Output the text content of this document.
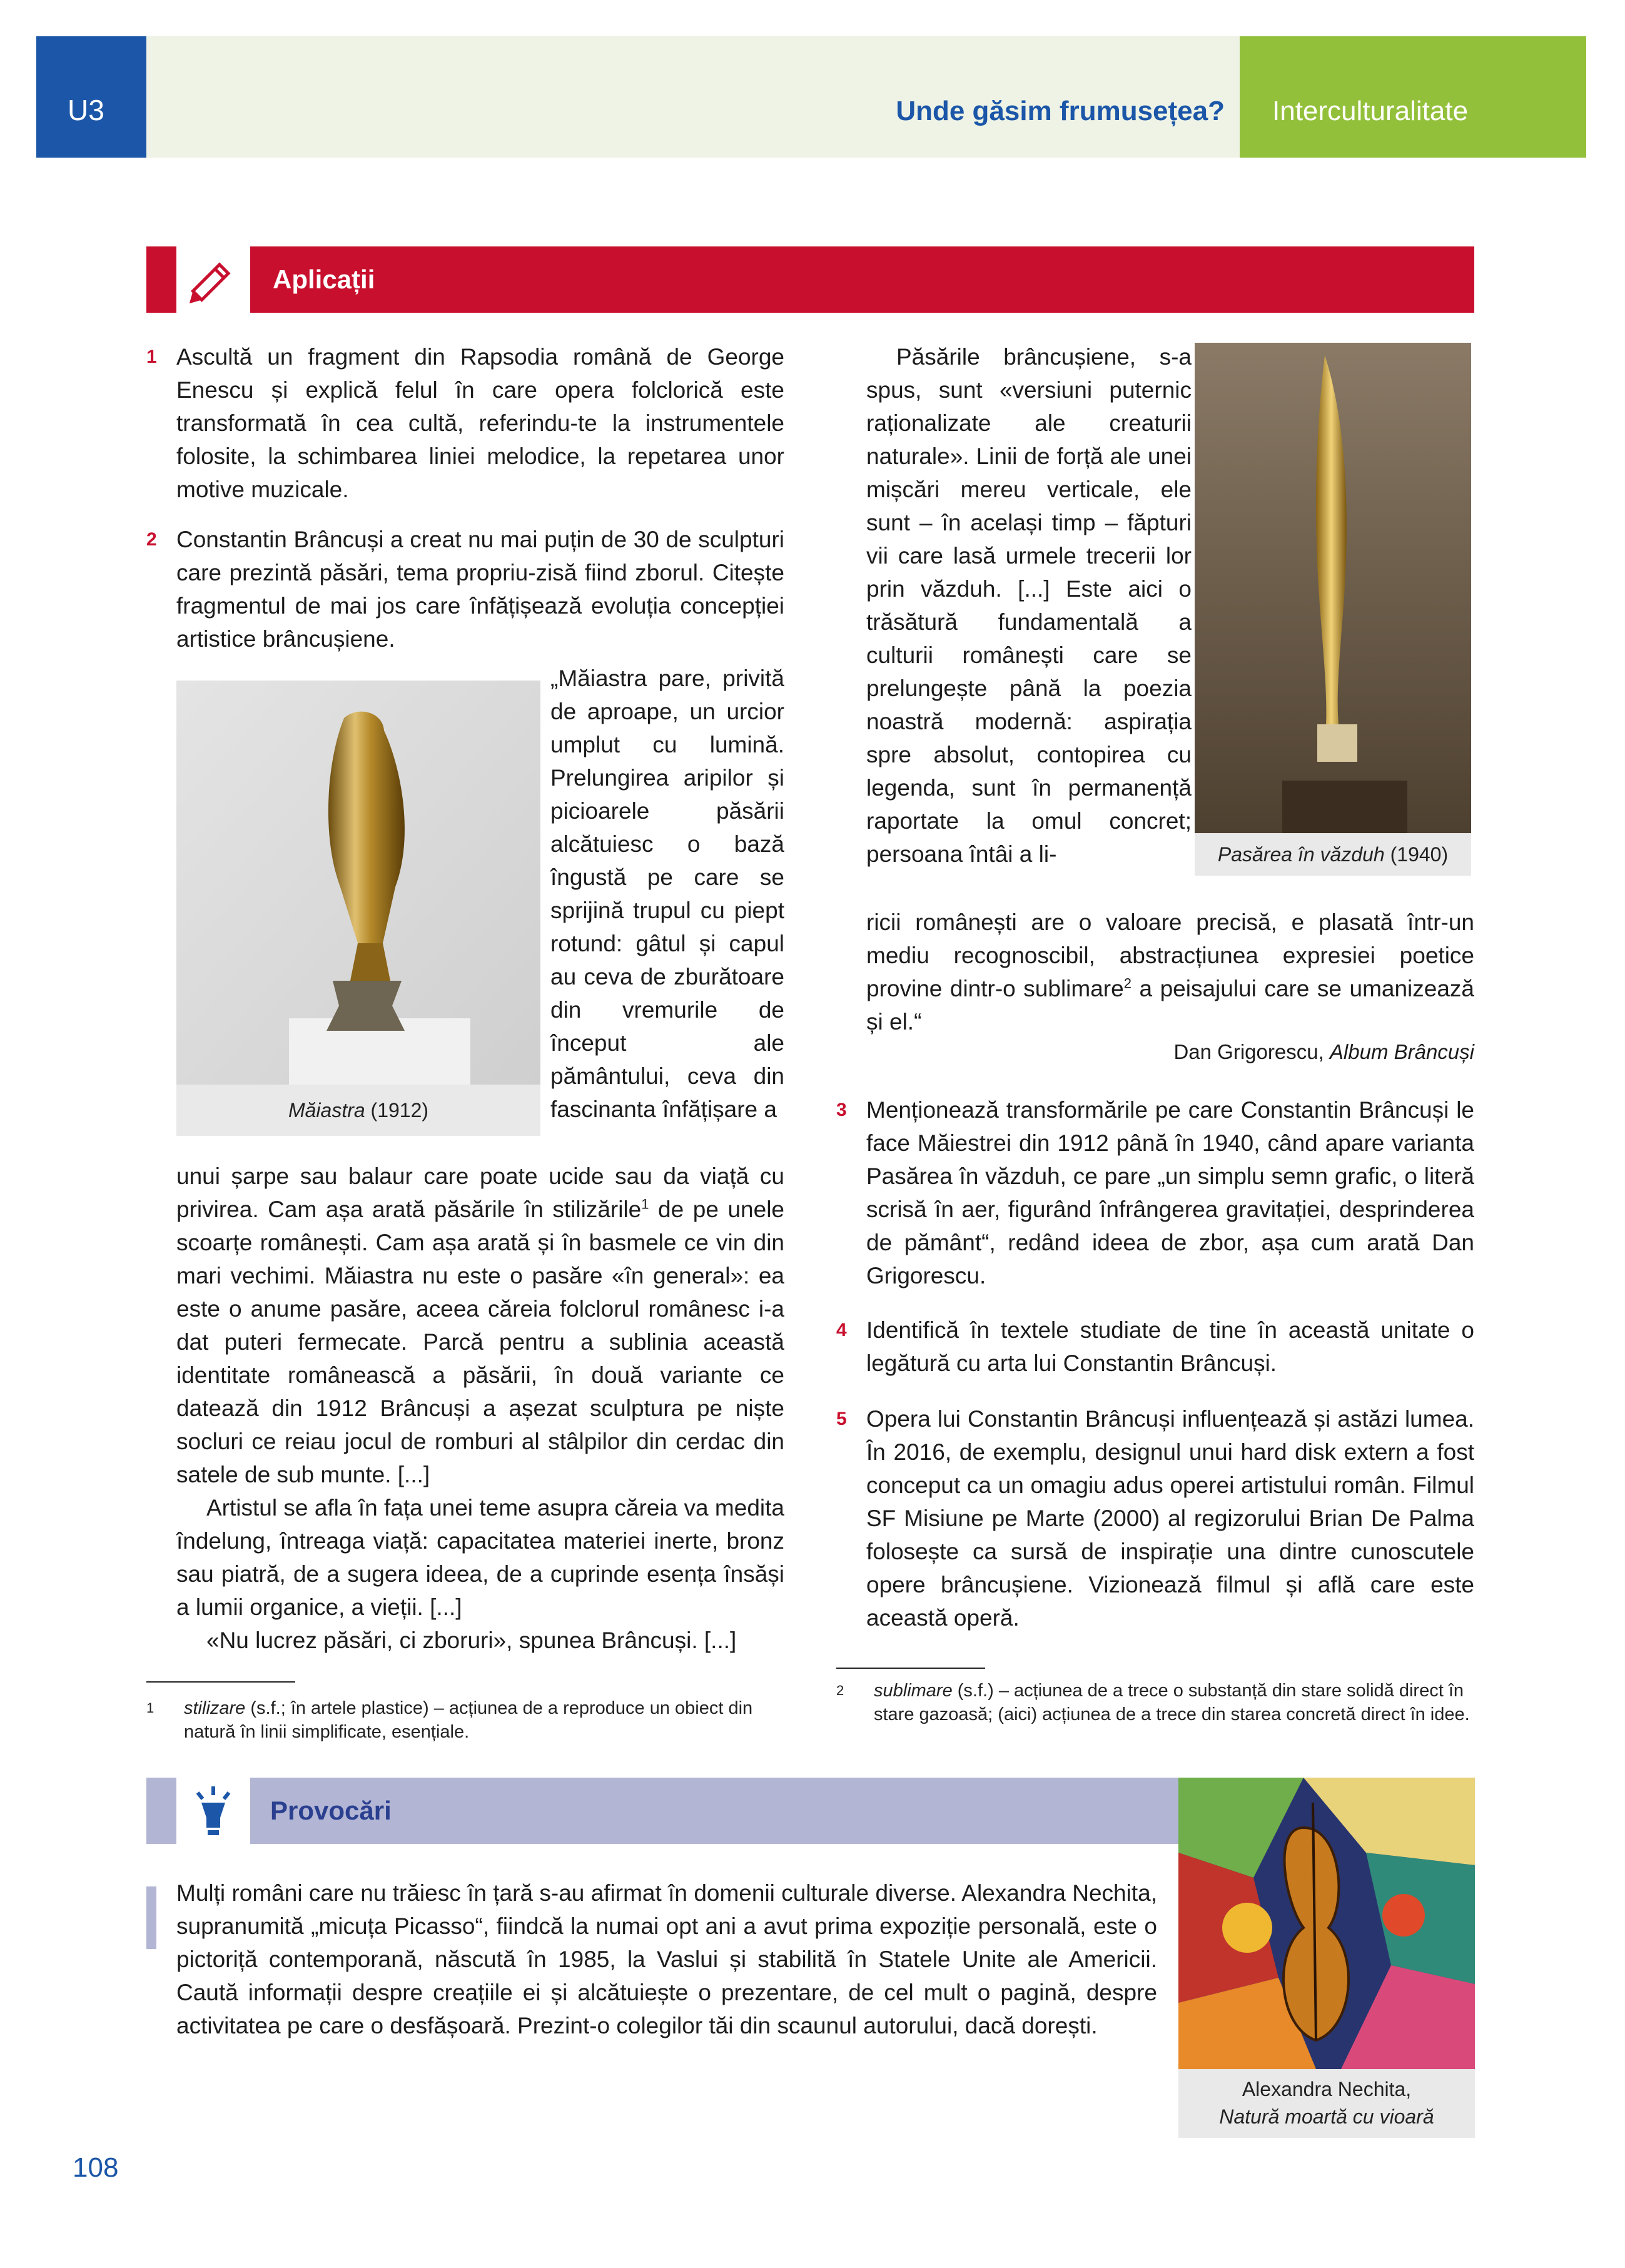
U3	Unde găsim frumusețea? Interculturalitate
Aplicații
1 Ascultă un fragment din Rapsodia română de George Enescu și explică felul în care opera folclorică este transformată în cea cultă, referindu-te la instrumentele folosite, la schimbarea liniei melodice, la repetarea unor motive muzicale.

2 Constantin Brâncuși a creat nu mai puțin de 30 de sculpturi care prezintă păsări, tema propriu-zisă fiind zborul. Citește fragmentul de mai jos care înfățișează evoluția concepției artistice brâncușiene.

Măiastra (1912)

„Măiastra pare, privită de aproape, un urcior umplut cu lumină. Prelungirea aripilor și picioarele păsării alcătuiesc o bază îngustă pe care se sprijină trupul cu piept rotund: gâtul și capul au ceva de zburătoare din vremurile de început ale pământului, ceva din fascinanta înfățișare a

unui șarpe sau balaur care poate ucide sau da viață cu privirea. Cam așa arată păsările în stilizările$^1$ de pe unele scoarțe românești. Cam așa arată și în basmele ce vin din mari vechimi. Măiastra nu este o pasăre «în general»: ea este o anume pasăre, aceea căreia folclorul românesc i-a dat puteri fermecate. Parcă pentru a sublinia această identitate românească a păsării, în două variante ce datează din 1912 Brâncuși a așezat sculptura pe niște socluri ce reiau jocul de romburi al stâlpilor din cerdac din satele de sub munte. [...]

Artistul se afla în fața unei teme asupra căreia va medita îndelung, întreaga viață: capacitatea materiei inerte, bronz sau piatră, de a sugera ideea, de a cuprinde esența însăși a lumii organice, a vieții. [...]

«Nu lucrez păsări, ci zboruri», spunea Brâncuși. [...]

Păsările brâncușiene, s-a spus, sunt «versiuni puternic raționalizate ale creaturii naturale». Linii de forță ale unei mișcări mereu verticale, ele sunt – în același timp – făpturi vii care lasă urmele trecerii lor prin văzduh. [...] Este aici o trăsătură fundamentală a culturii românești care se prelungește până la poezia noastră modernă: aspirația spre absolut, contopirea cu legenda, sunt în permanență raportate la omul concret; persoana întâi a li-	Pasărea în văzduh (1940)

ricii românești are o valoare precisă, e plasată într-un mediu recognoscibil, abstracțiunea expresiei poetice provine dintr-o sublimare$^2$ a peisajului care se umanizează și el.“

Dan Grigorescu, Album Brâncuși
3 Menționează transformările pe care Constantin Brâncuși le face Măiestrei din 1912 până în 1940, când apare varianta Pasărea în văzduh, ce pare „un simplu semn grafic, o literă scrisă în aer, figurând înfrângerea gravitației, desprinderea de pământ“, redând ideea de zbor, așa cum arată Dan Grigorescu.

4 Identifică în textele studiate de tine în această unitate o legătură cu arta lui Constantin Brâncuși.

5 Opera lui Constantin Brâncuși influențează și astăzi lumea. În 2016, de exemplu, designul unui hard disk extern a fost conceput ca un omagiu adus operei artistului român. Filmul SF Misiune pe Marte (2000) al regizorului Brian De Palma folosește ca sursă de inspirație una dintre cunoscutele opere brâncușiene. Vizionează filmul și află care este această operă.

1 stilizare (s.f.; în artele plastice) – acțiunea de a reproduce un obiect din natură în linii simplificate, esențiale.
2 sublimare (s.f.) – acțiunea de a trece o substanță din stare solidă direct în stare gazoasă; (aici) acțiunea de a trece din starea concretă direct în idee.
Provocări

Mulți români care nu trăiesc în țară s-au afirmat în domenii culturale diverse. Alexandra Nechita, supranumită „micuța Picasso“, fiindcă la numai opt ani a avut prima expoziție personală, este o pictoriță contemporană, născută în 1985, la Vaslui și stabilită în Statele Unite ale Americii. Caută informații despre creațiile ei și alcătuiește o prezentare, de cel mult o pagină, despre activitatea pe care o desfășoară. Prezint-o colegilor tăi din scaunul autorului, dacă dorești.

Alexandra Nechita,
Natură moartă cu vioară
108
